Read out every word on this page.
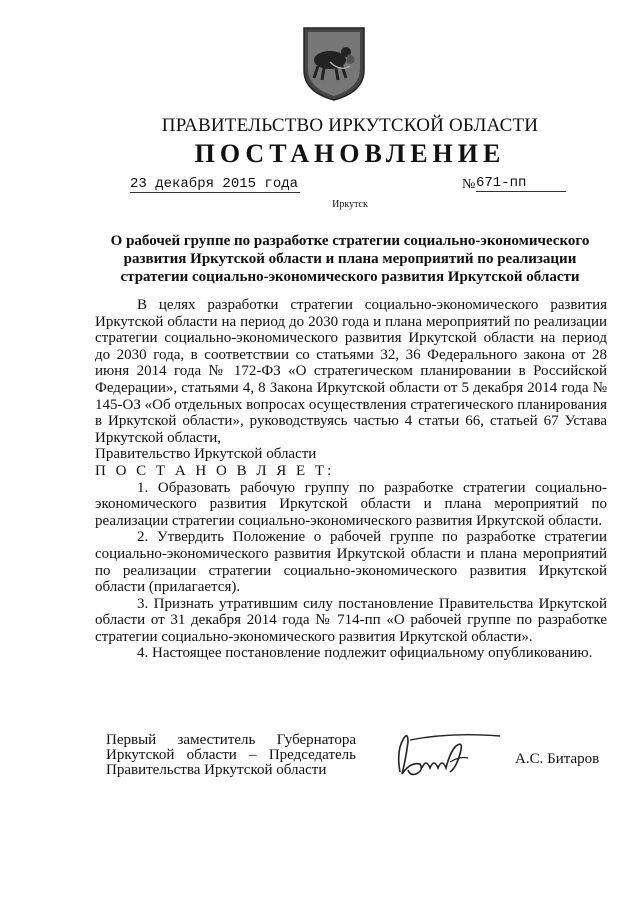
ПРАВИТЕЛЬСТВО ИРКУТСКОЙ ОБЛАСТИ
ПОСТАНОВЛЕНИЕ
23 декабря 2015 года	№ 671-пп
Иркутск
О рабочей группе по разработке стратегии социально-экономического развития Иркутской области и плана мероприятий по реализации стратегии социально-экономического развития Иркутской области

В целях разработки стратегии социально-экономического развития Иркутской области на период до 2030 года и плана мероприятий по реализации стратегии социально-экономического развития Иркутской области на период до 2030 года, в соответствии со статьями 32, 36 Федерального закона от 28 июня 2014 года № 172-ФЗ «О стратегическом планировании в Российской Федерации», статьями 4, 8 Закона Иркутской области от 5 декабря 2014 года № 145-ОЗ «Об отдельных вопросах осуществления стратегического планирования в Иркутской области», руководствуясь частью 4 статьи 66, статьей 67 Устава Иркутской области,

Правительство Иркутской области

П О С Т А Н О В Л Я Е Т:

1. Образовать рабочую группу по разработке стратегии социально-экономического развития Иркутской области и плана мероприятий по реализации стратегии социально-экономического развития Иркутской области.

2. Утвердить Положение о рабочей группе по разработке стратегии социально-экономического развития Иркутской области и плана мероприятий по реализации стратегии социально-экономического развития Иркутской области (прилагается).

3. Признать утратившим силу постановление Правительства Иркутской области от 31 декабря 2014 года № 714-пп «О рабочей группе по разработке стратегии социально-экономического развития Иркутской области».

4. Настоящее постановление подлежит официальному опубликованию.

Первый заместитель Губернатора
Иркутской области – Председатель
Правительства Иркутской области
А.С. Битаров
